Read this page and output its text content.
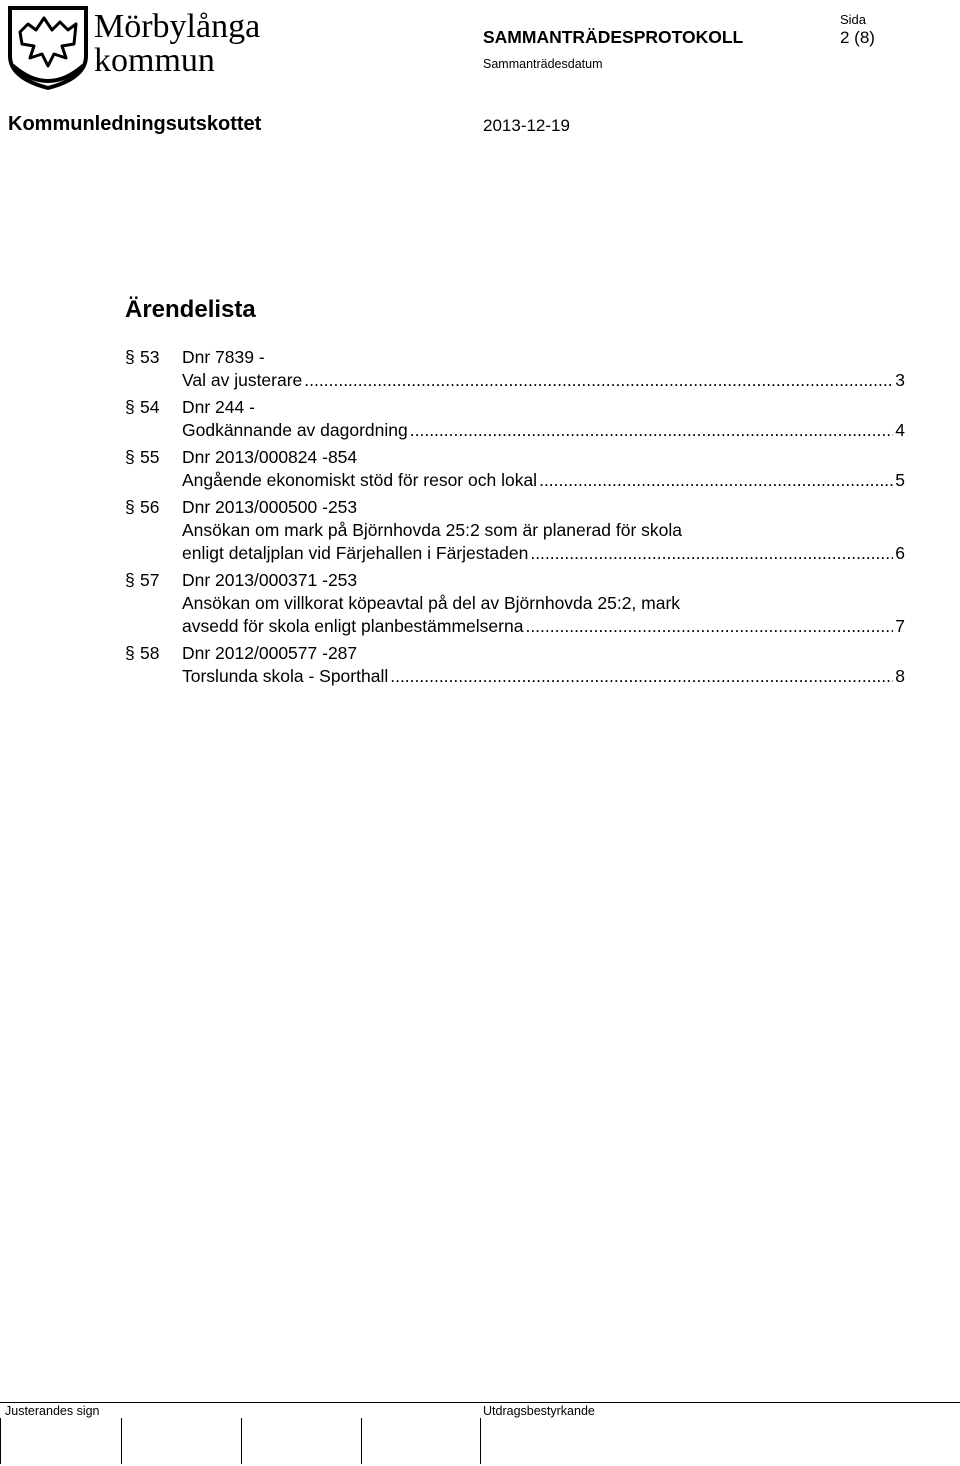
Mörbylånga
kommun
SAMMANTRÄDESPROTOKOLL
Sammanträdesdatum
Sida
2 (8)
Kommunledningsutskottet	2013-12-19
Ärendelista
§ 53 Dnr 7839 -
Val av justerare .....	3
§ 54 Dnr 244 -
Godkännande av dagordning .....	4
§ 55 Dnr 2013/000824 -854
Angående ekonomiskt stöd för resor och lokal .....	5
§ 56 Dnr 2013/000500 -253
Ansökan om mark på Björnhovda 25:2 som är planerad för skola
enligt detaljplan vid Färjehallen i Färjestaden .....	6
§ 57 Dnr 2013/000371 -253
Ansökan om villkorat köpeavtal på del av Björnhovda 25:2, mark
avsedd för skola enligt planbestämmelserna .....	7
§ 58 Dnr 2012/000577 -287
Torslunda skola - Sporthall .....	8
Justerandes sign	Utdragsbestyrkande
